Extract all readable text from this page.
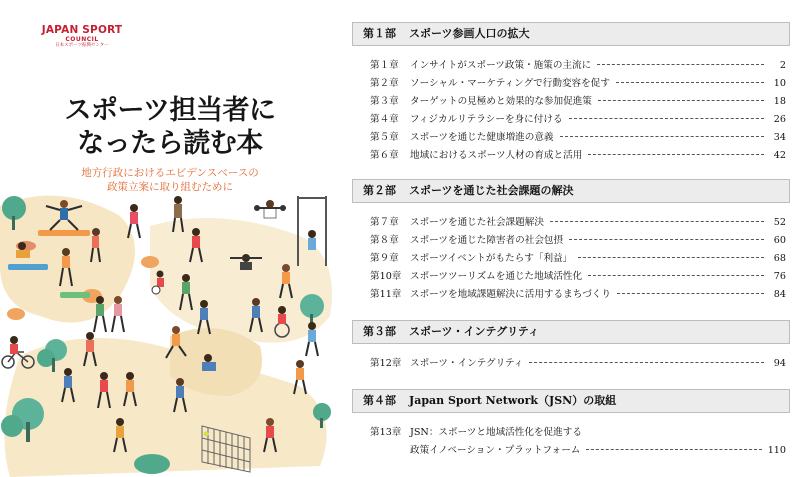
JAPAN SPORT
COUNCIL
日本スポーツ振興センター
スポーツ担当者に
なったら読む本
地方行政におけるエビデンスベースの
政策立案に取り組むために
第１部 スポーツ参画人口の拡大
第１章	インサイトがスポーツ政策・施策の主流に	2
第２章	ソーシャル・マーケティングで行動変容を促す	10
第３章	ターゲットの見極めと効果的な参加促進策	18
第４章	フィジカルリテラシーを身に付ける	26
第５章	スポーツを通じた健康増進の意義	34
第６章	地域におけるスポーツ人材の育成と活用	42
第２部 スポーツを通じた社会課題の解決
第７章	スポーツを通じた社会課題解決	52
第８章	スポーツを通じた障害者の社会包摂	60
第９章	スポーツイベントがもたらす「利益」	68
第10章 スポーツツーリズムを通じた地域活性化	76
第11章 スポーツを地域課題解決に活用するまちづくり	84
第３部 スポーツ・インテグリティ
第12章 スポーツ・インテグリティ	94
第４部 Japan Sport Network（JSN）の取組
第13章 JSN：スポーツと地域活性化を促進する
政策イノベーション・プラットフォーム	110
